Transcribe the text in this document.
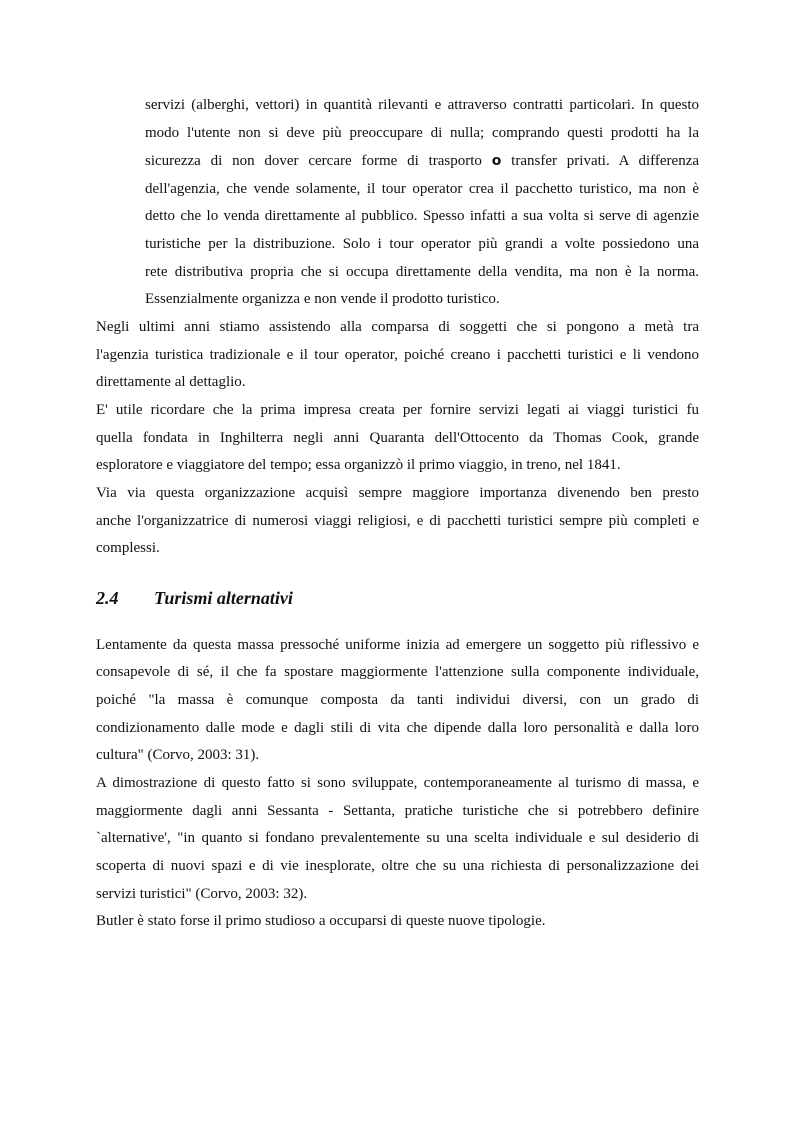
servizi (alberghi, vettori) in quantità rilevanti e attraverso contratti particolari. In questo
modo l'utente non si deve più preoccupare di nulla; comprando questi prodotti ha la
sicurezza di non dover cercare forme di trasporto o transfer privati. A differenza
dell'agenzia, che vende solamente, il tour operator crea il pacchetto turistico, ma non è
detto che lo venda direttamente al pubblico. Spesso infatti a sua volta si serve di agenzie
turistiche per la distribuzione. Solo i tour operator più grandi a volte possiedono una
rete distributiva propria che si occupa direttamente della vendita, ma non è la norma.
Essenzialmente organizza e non vende il prodotto turistico.
Negli ultimi anni stiamo assistendo alla comparsa di soggetti che si pongono a metà tra
l'agenzia turistica tradizionale e il tour operator, poiché creano i pacchetti turistici e li vendono
direttamente al dettaglio.
E' utile ricordare che la prima impresa creata per fornire servizi legati ai viaggi turistici fu
quella fondata in Inghilterra negli anni Quaranta dell'Ottocento da Thomas Cook, grande
esploratore e viaggiatore del tempo; essa organizzò il primo viaggio, in treno, nel 1841.
Via via questa organizzazione acquisì sempre maggiore importanza divenendo ben presto
anche l'organizzatrice di numerosi viaggi religiosi, e di pacchetti turistici sempre più completi e
complessi.
2.4 Turismi alternativi
Lentamente da questa massa pressoché uniforme inizia ad emergere un soggetto più riflessivo e
consapevole di sé, il che fa spostare maggiormente l'attenzione sulla componente individuale,
poiché "la massa è comunque composta da tanti individui diversi, con un grado di
condizionamento dalle mode e dagli stili di vita che dipende dalla loro personalità e dalla loro
cultura" (Corvo, 2003: 31).
A dimostrazione di questo fatto si sono sviluppate, contemporaneamente al turismo di massa, e
maggiormente dagli anni Sessanta - Settanta, pratiche turistiche che si potrebbero definire
`alternative', "in quanto si fondano prevalentemente su una scelta individuale e sul desiderio di
scoperta di nuovi spazi e di vie inesplorate, oltre che su una richiesta di personalizzazione dei
servizi turistici" (Corvo, 2003: 32).
Butler è stato forse il primo studioso a occuparsi di queste nuove tipologie.
